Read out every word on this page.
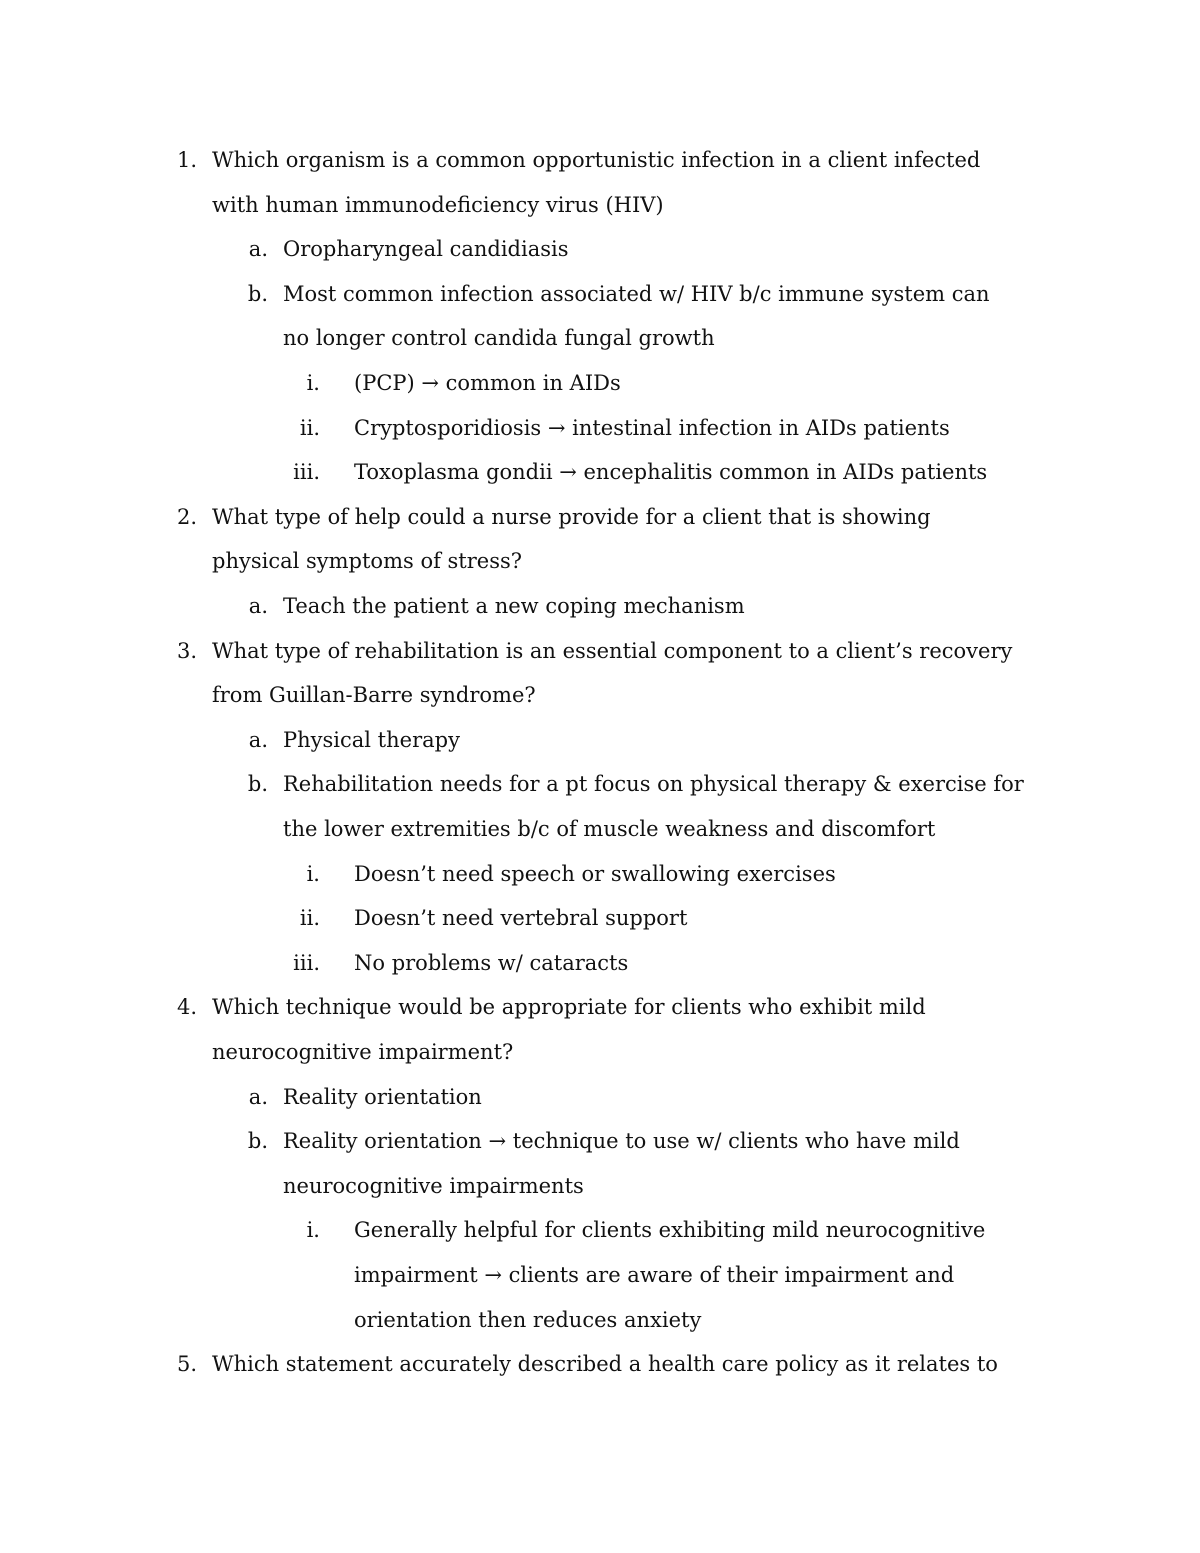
1. Which organism is a common opportunistic infection in a client infected
with human immunodeficiency virus (HIV)
a. Oropharyngeal candidiasis
b. Most common infection associated w/ HIV b/c immune system can
no longer control candida fungal growth
i. (PCP) → common in AIDs
ii. Cryptosporidiosis → intestinal infection in AIDs patients
iii. Toxoplasma gondii → encephalitis common in AIDs patients
2. What type of help could a nurse provide for a client that is showing
physical symptoms of stress?
a. Teach the patient a new coping mechanism
3. What type of rehabilitation is an essential component to a client’s recovery
from Guillan-Barre syndrome?
a. Physical therapy
b. Rehabilitation needs for a pt focus on physical therapy & exercise for
the lower extremities b/c of muscle weakness and discomfort
i. Doesn’t need speech or swallowing exercises
ii. Doesn’t need vertebral support
iii. No problems w/ cataracts
4. Which technique would be appropriate for clients who exhibit mild
neurocognitive impairment?
a. Reality orientation
b. Reality orientation → technique to use w/ clients who have mild
neurocognitive impairments
i. Generally helpful for clients exhibiting mild neurocognitive
impairment → clients are aware of their impairment and
orientation then reduces anxiety
5. Which statement accurately described a health care policy as it relates to
